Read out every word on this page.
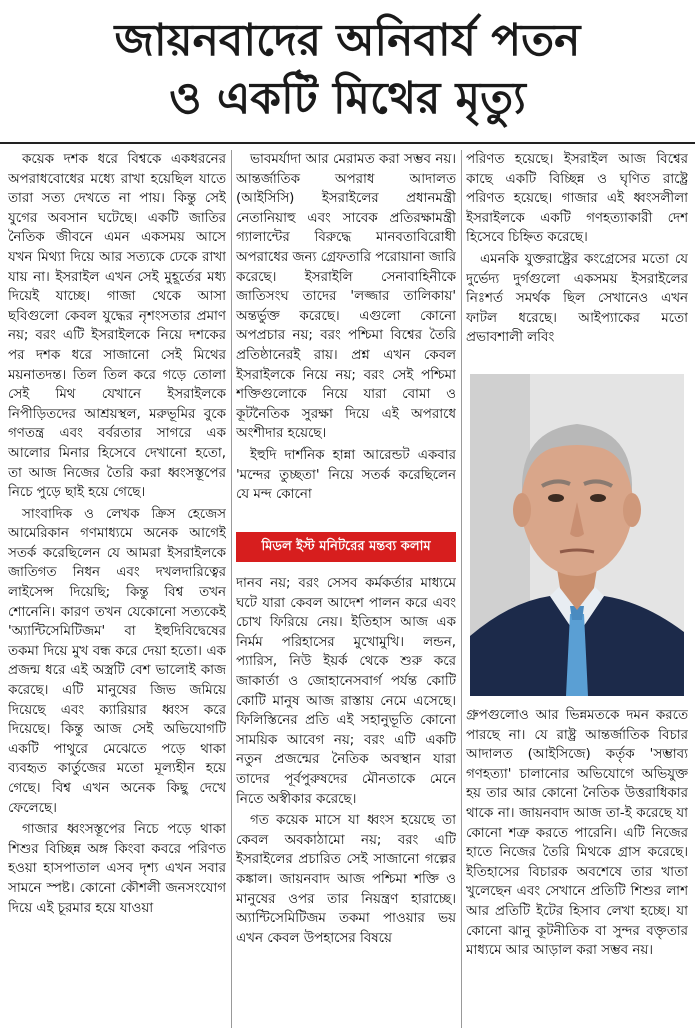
জায়নবাদের অনিবার্য পতন
ও একটি মিথের মৃত্যু

কয়েক দশক ধরে বিশ্বকে একধরনের অপরাধবোধের মধ্যে রাখা হয়েছিল যাতে তারা সত্য দেখতে না পায়। কিন্তু সেই যুগের অবসান ঘটেছে। একটি জাতির নৈতিক জীবনে এমন একসময় আসে যখন মিথ্যা দিয়ে আর সত্যকে ঢেকে রাখা যায় না। ইসরাইল এখন সেই মুহূর্তের মধ্য দিয়েই যাচ্ছে। গাজা থেকে আসা ছবিগুলো কেবল যুদ্ধের নৃশংসতার প্রমাণ নয়; বরং এটি ইসরাইলকে নিয়ে দশকের পর দশক ধরে সাজানো সেই মিথের ময়নাতদন্ত। তিল তিল করে গড়ে তোলা সেই মিথ যেখানে ইসরাইলকে নিপীড়িতদের আশ্রয়স্থল, মরুভূমির বুকে গণতন্ত্র এবং বর্বরতার সাগরে এক আলোর মিনার হিসেবে দেখানো হতো, তা আজ নিজের তৈরি করা ধ্বংসস্তূপের নিচে পুড়ে ছাই হয়ে গেছে।

সাংবাদিক ও লেখক ক্রিস হেজেস আমেরিকান গণমাধ্যমে অনেক আগেই সতর্ক করেছিলেন যে আমরা ইসরাইলকে জাতিগত নিধন এবং দখলদারিত্বের লাইসেন্স দিয়েছি; কিন্তু বিশ্ব তখন শোনেনি। কারণ তখন যেকোনো সত্যকেই 'অ্যান্টিসেমিটিজম' বা ইহুদিবিদ্বেষের তকমা দিয়ে মুখ বন্ধ করে দেয়া হতো। এক প্রজন্ম ধরে এই অস্ত্রটি বেশ ভালোই কাজ করেছে। এটি মানুষের জিভ জমিয়ে দিয়েছে এবং ক্যারিয়ার ধ্বংস করে দিয়েছে। কিন্তু আজ সেই অভিযোগটি একটি পাথুরে মেঝেতে পড়ে থাকা ব্যবহৃত কার্তুজের মতো মূল্যহীন হয়ে গেছে। বিশ্ব এখন অনেক কিছু দেখে ফেলেছে।

গাজার ধ্বংসস্তূপের নিচে পড়ে থাকা শিশুর বিচ্ছিন্ন অঙ্গ কিংবা কবরে পরিণত হওয়া হাসপাতাল এসব দৃশ্য এখন সবার সামনে স্পষ্ট। কোনো কৌশলী জনসংযোগ দিয়ে এই চূরমার হয়ে যাওয়া

ভাবমর্যাদা আর মেরামত করা সম্ভব নয়। আন্তর্জাতিক অপরাধ আদালত (আইসিসি) ইসরাইলের প্রধানমন্ত্রী নেতানিয়াহু এবং সাবেক প্রতিরক্ষামন্ত্রী গ্যালান্টের বিরুদ্ধে মানবতাবিরোধী অপরাধের জন্য গ্রেফতারি পরোয়ানা জারি করেছে। ইসরাইলি সেনাবাহিনীকে জাতিসংঘ তাদের 'লজ্জার তালিকায়' অন্তর্ভুক্ত করেছে। এগুলো কোনো অপপ্রচার নয়; বরং পশ্চিমা বিশ্বের তৈরি প্রতিষ্ঠানেরই রায়। প্রশ্ন এখন কেবল ইসরাইলকে নিয়ে নয়; বরং সেই পশ্চিমা শক্তিগুলোকে নিয়ে যারা বোমা ও কূটনৈতিক সুরক্ষা দিয়ে এই অপরাধে অংশীদার হয়েছে।

ইহুদি দার্শনিক হান্না আরেন্ডট একবার 'মন্দের তুচ্ছতা' নিয়ে সতর্ক করেছিলেন যে মন্দ কোনো

মিডল ইস্ট মনিটরের মন্তব্য কলাম

দানব নয়; বরং সেসব কর্মকর্তার মাধ্যমে ঘটে যারা কেবল আদেশ পালন করে এবং চোখ ফিরিয়ে নেয়। ইতিহাস আজ এক নির্মম পরিহাসের মুখোমুখি। লন্ডন, প্যারিস, নিউ ইয়র্ক থেকে শুরু করে জাকার্তা ও জোহানেসবার্গ পর্যন্ত কোটি কোটি মানুষ আজ রাস্তায় নেমে এসেছে। ফিলিস্তিনের প্রতি এই সহানুভূতি কোনো সাময়িক আবেগ নয়; বরং এটি একটি নতুন প্রজন্মের নৈতিক অবস্থান যারা তাদের পূর্বপুরুষদের মৌনতাকে মেনে নিতে অস্বীকার করেছে।

গত কয়েক মাসে যা ধ্বংস হয়েছে তা কেবল অবকাঠামো নয়; বরং এটি ইসরাইলের প্রচারিত সেই সাজানো গল্পের কঙ্কাল। জায়নবাদ আজ পশ্চিমা শক্তি ও মানুষের ওপর তার নিয়ন্ত্রণ হারাচ্ছে। অ্যান্টিসেমিটিজম তকমা পাওয়ার ভয় এখন কেবল উপহাসের বিষয়ে

পরিণত হয়েছে। ইসরাইল আজ বিশ্বের কাছে একটি বিচ্ছিন্ন ও ঘৃণিত রাষ্ট্রে পরিণত হয়েছে। গাজার এই ধ্বংসলীলা ইসরাইলকে একটি গণহত্যাকারী দেশ হিসেবে চিহ্নিত করেছে।

এমনকি যুক্তরাষ্ট্রের কংগ্রেসের মতো যে দুর্ভেদ্য দুর্গগুলো একসময় ইসরাইলের নিঃশর্ত সমর্থক ছিল সেখানেও এখন ফাটল ধরেছে। আইপ্যাকের মতো প্রভাবশালী লবিং

গ্রুপগুলোও আর ভিন্নমতকে দমন করতে পারছে না। যে রাষ্ট্র আন্তর্জাতিক বিচার আদালত (আইসিজে) কর্তৃক 'সম্ভাব্য গণহত্যা' চালানোর অভিযোগে অভিযুক্ত হয় তার আর কোনো নৈতিক উত্তরাধিকার থাকে না। জায়নবাদ আজ তা-ই করেছে যা কোনো শত্রু করতে পারেনি। এটি নিজের হাতে নিজের তৈরি মিথকে গ্রাস করেছে। ইতিহাসের বিচারক অবশেষে তার খাতা খুলেছেন এবং সেখানে প্রতিটি শিশুর লাশ আর প্রতিটি ইটের হিসাব লেখা হচ্ছে। যা কোনো ঝানু কূটনীতিক বা সুন্দর বক্তৃতার মাধ্যমে আর আড়াল করা সম্ভব নয়।
